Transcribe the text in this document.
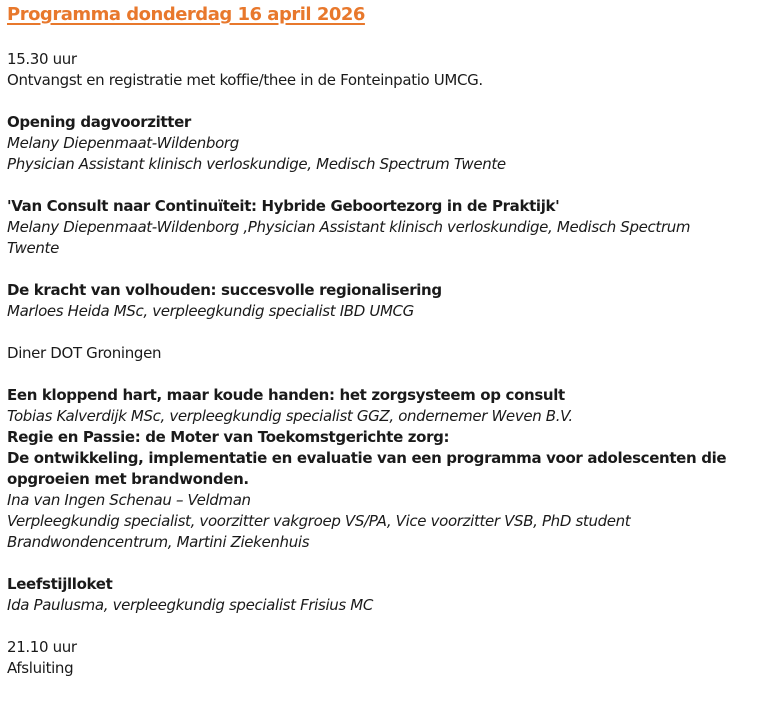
Programma donderdag 16 april 2026
15.30 uur
Ontvangst en registratie met koffie/thee in de Fonteinpatio UMCG.
Opening dagvoorzitter
Melany Diepenmaat-Wildenborg
Physician Assistant klinisch verloskundige, Medisch Spectrum Twente
'Van Consult naar Continuïteit: Hybride Geboortezorg in de Praktijk'
Melany Diepenmaat-Wildenborg ,Physician Assistant klinisch verloskundige, Medisch Spectrum Twente
De kracht van volhouden: succesvolle regionalisering
Marloes Heida MSc, verpleegkundig specialist IBD UMCG
Diner DOT Groningen
Een kloppend hart, maar koude handen: het zorgsysteem op consult
Tobias Kalverdijk MSc, verpleegkundig specialist GGZ, ondernemer Weven B.V.
Regie en Passie: de Moter van Toekomstgerichte zorg:
De ontwikkeling, implementatie en evaluatie van een programma voor adolescenten die opgroeien met brandwonden.
Ina van Ingen Schenau – Veldman
Verpleegkundig specialist, voorzitter vakgroep VS/PA, Vice voorzitter VSB, PhD student Brandwondencentrum, Martini Ziekenhuis
Leefstijlloket
Ida Paulusma, verpleegkundig specialist Frisius MC
21.10 uur
Afsluiting
